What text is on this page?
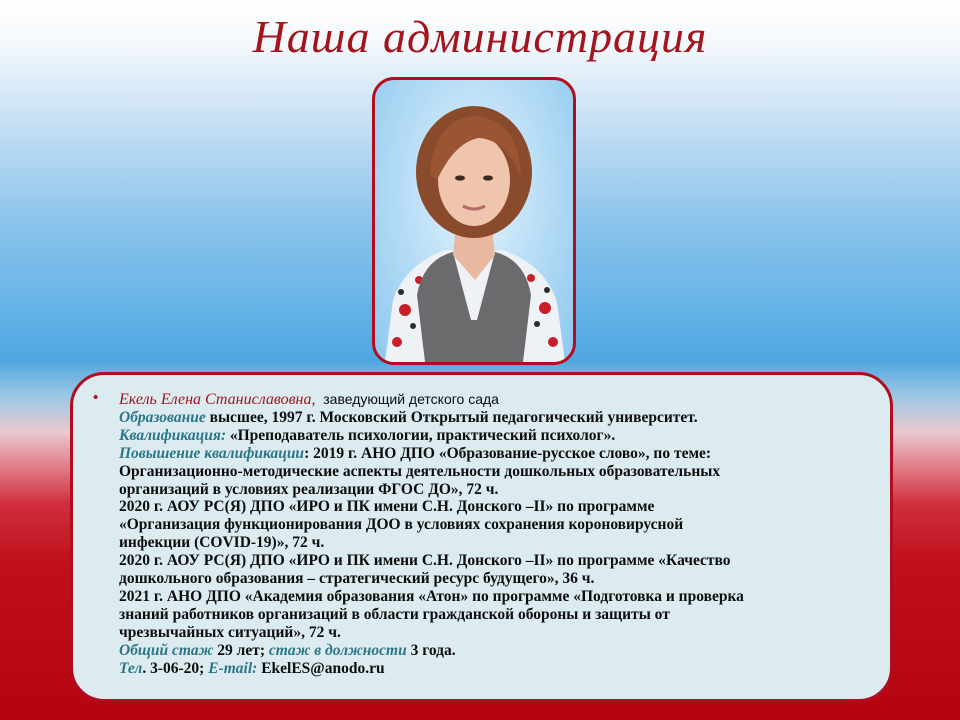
Наша администрация
• Екель Елена Станиславовна, заведующий детского сада
Образование высшее, 1997 г. Московский Открытый педагогический университет.
Квалификация: «Преподаватель психологии, практический психолог».
Повышение квалификации: 2019 г. АНО ДПО «Образование-русское слово», по теме:
Организационно-методические аспекты деятельности дошкольных образовательных
организаций в условиях реализации ФГОС ДО», 72 ч.
2020 г. АОУ РС(Я) ДПО «ИРО и ПК имени С.Н. Донского –II» по программе
«Организация функционирования ДОО в условиях сохранения короновирусной
инфекции (COVID-19)», 72 ч.
2020 г. АОУ РС(Я) ДПО «ИРО и ПК имени С.Н. Донского –II» по программе «Качество
дошкольного образования – стратегический ресурс будущего», 36 ч.
2021 г. АНО ДПО «Академия образования «Атон» по программе «Подготовка и проверка
знаний работников организаций в области гражданской обороны и защиты от
чрезвычайных ситуаций», 72 ч.
Общий стаж 29 лет; стаж в должности 3 года.
Тел. 3-06-20; E-mail: EkelES@anodo.ru
